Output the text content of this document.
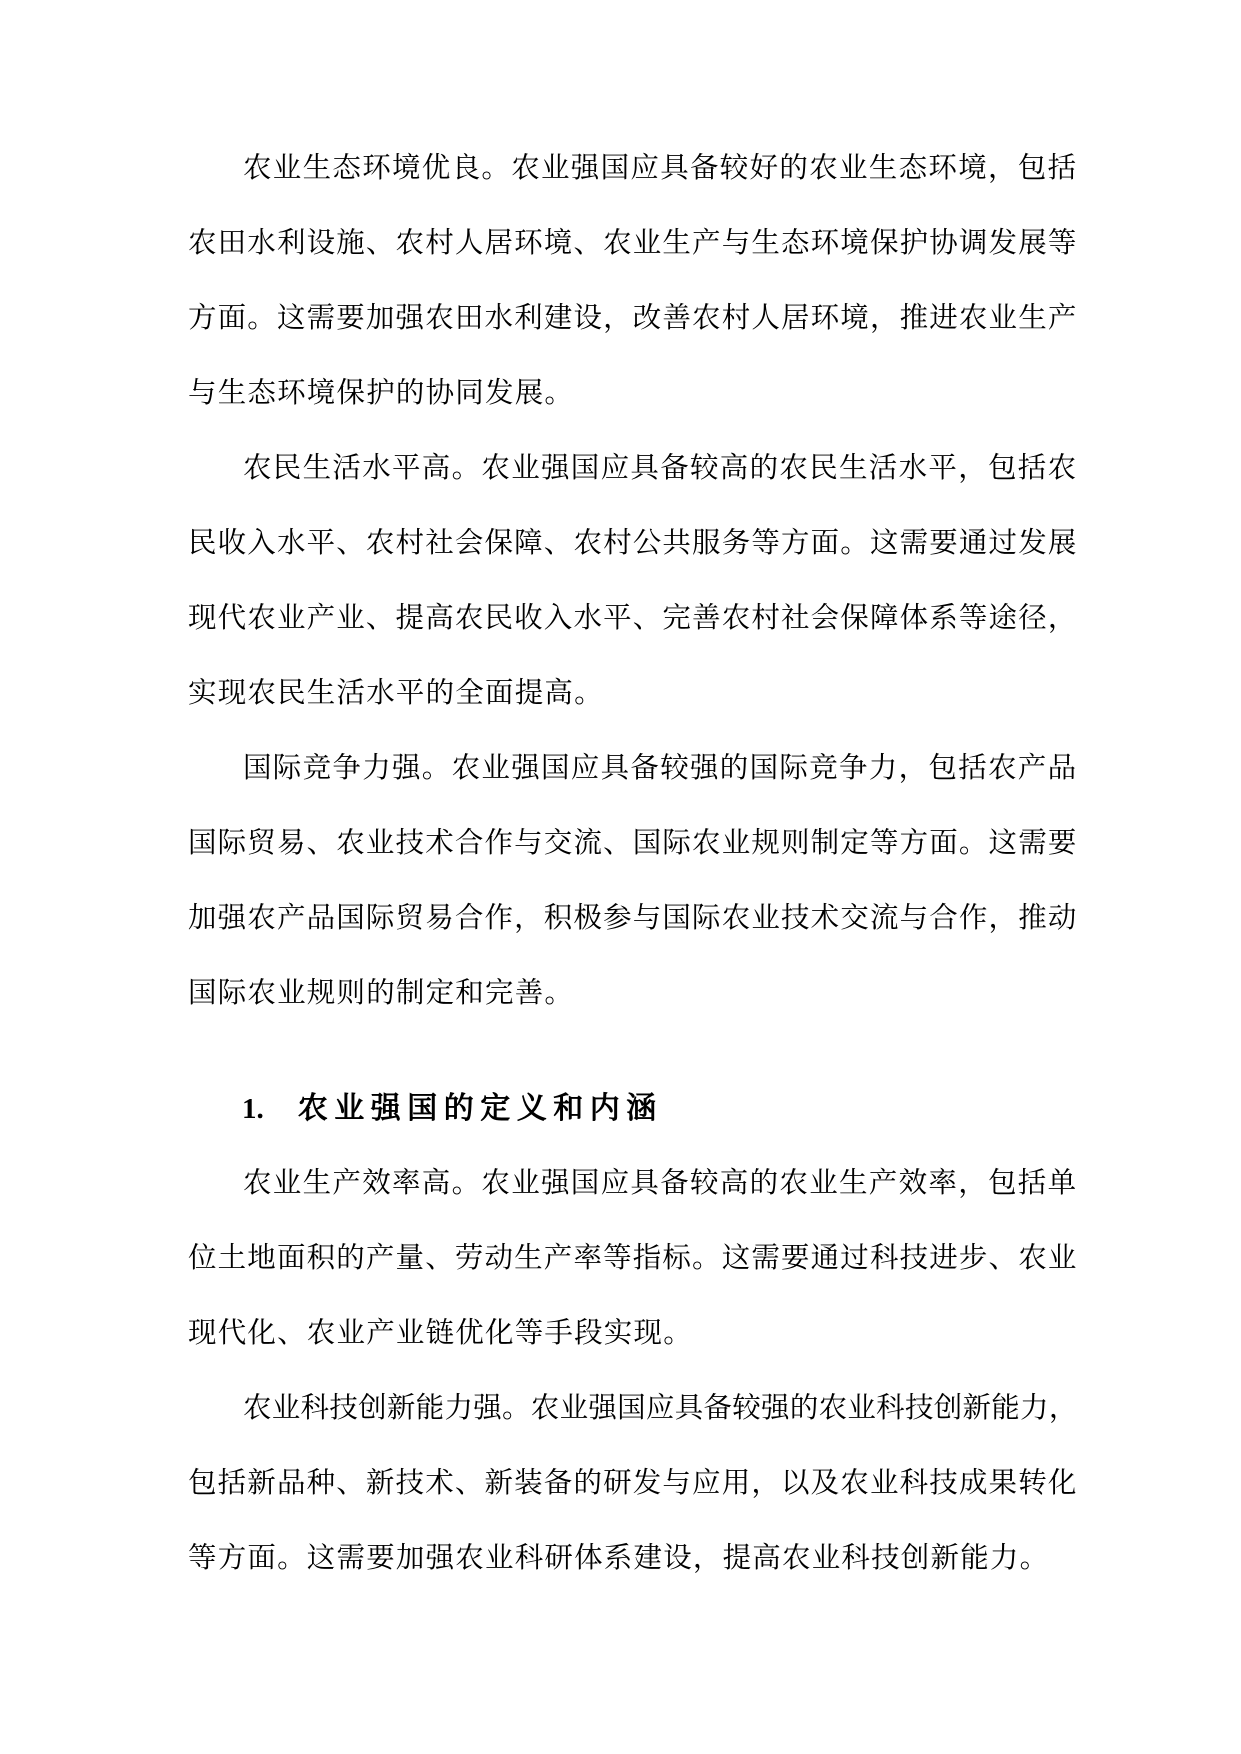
农业生态环境优良。农业强国应具备较好的农业生态环境，包括
农田水利设施、农村人居环境、农业生产与生态环境保护协调发展等
方面。这需要加强农田水利建设，改善农村人居环境，推进农业生产
与生态环境保护的协同发展。
农民生活水平高。农业强国应具备较高的农民生活水平，包括农
民收入水平、农村社会保障、农村公共服务等方面。这需要通过发展
现代农业产业、提高农民收入水平、完善农村社会保障体系等途径，
实现农民生活水平的全面提高。
国际竞争力强。农业强国应具备较强的国际竞争力，包括农产品
国际贸易、农业技术合作与交流、国际农业规则制定等方面。这需要
加强农产品国际贸易合作，积极参与国际农业技术交流与合作，推动
国际农业规则的制定和完善。
1. 农业强国的定义和内涵
农业生产效率高。农业强国应具备较高的农业生产效率，包括单
位土地面积的产量、劳动生产率等指标。这需要通过科技进步、农业
现代化、农业产业链优化等手段实现。
农业科技创新能力强。农业强国应具备较强的农业科技创新能力，
包括新品种、新技术、新装备的研发与应用，以及农业科技成果转化
等方面。这需要加强农业科研体系建设，提高农业科技创新能力。
